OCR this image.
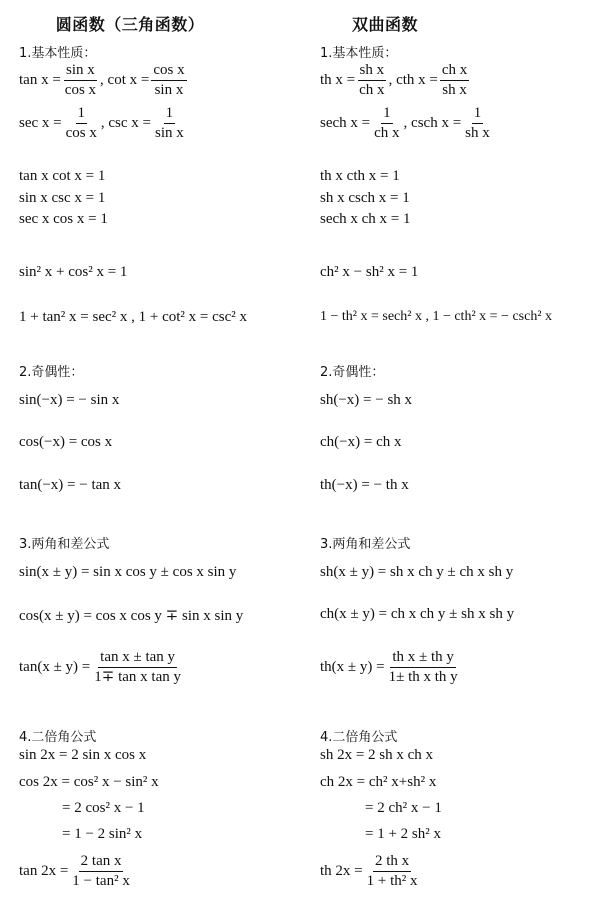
圆函数（三角函数）
1.基本性质：
$\tan x = \frac{\text{sin x}}{\text{cos x}}$ , $\cot x = \frac{\text{cos x}}{\text{sin x}}$
$\sec x = \frac{1}{\text{cos x}}$ , $\csc x = \frac{1}{\text{sin x}}$
tan x cot x = 1
sin x csc x = 1
sec x cos x = 1
sin² x + cos² x = 1
1 + tan² x = sec² x , 1 + cot² x = csc² x
2.奇偶性：
sin(−x) = − sin x
cos(−x) = cos x
tan(−x) = − tan x
3.两角和差公式
sin(x ± y) = sin x cos y ± cos x sin y
cos(x ± y) = cos x cos y ∓ sin x sin y
$\tan(x \pm y) = \frac{\text{tan x ± tan y}}{\text{1∓ tan x tan y}}$
4.二倍角公式
sin 2x = 2 sin x cos x
cos 2x = cos² x − sin² x
= 2 cos² x − 1
= 1 − 2 sin² x
$\tan 2x = \frac{\text{2 tan x}}{\text{1 − tan² x}}$
双曲函数
1.基本性质：
th $x = \frac{\text{sh x}}{\text{ch x}}$ , cth $x = \frac{\text{ch x}}{\text{sh x}}$
sech $x = \frac{1}{\text{ch x}}$ , csch $x = \frac{1}{\text{sh x}}$
th x cth x = 1
sh x csch x = 1
sech x ch x = 1
ch² x − sh² x = 1
1 − th² x = sech² x , 1 − cth² x = − csch² x
2.奇偶性：
sh(−x) = − sh x
ch(−x) = ch x
th(−x) = − th x
3.两角和差公式
sh(x ± y) = sh x ch y ± ch x sh y
ch(x ± y) = ch x ch y ± sh x sh y
$th(x \pm y) = \frac{\text{th x ± th y}}{\text{1± th x th y}}$
4.二倍角公式
sh 2x = 2 sh x ch x
ch 2x = ch² x+sh² x
= 2 ch² x − 1
= 1 + 2 sh² x
th $2x = \frac{\text{2 th x}}{\text{1 + th² x}}$
